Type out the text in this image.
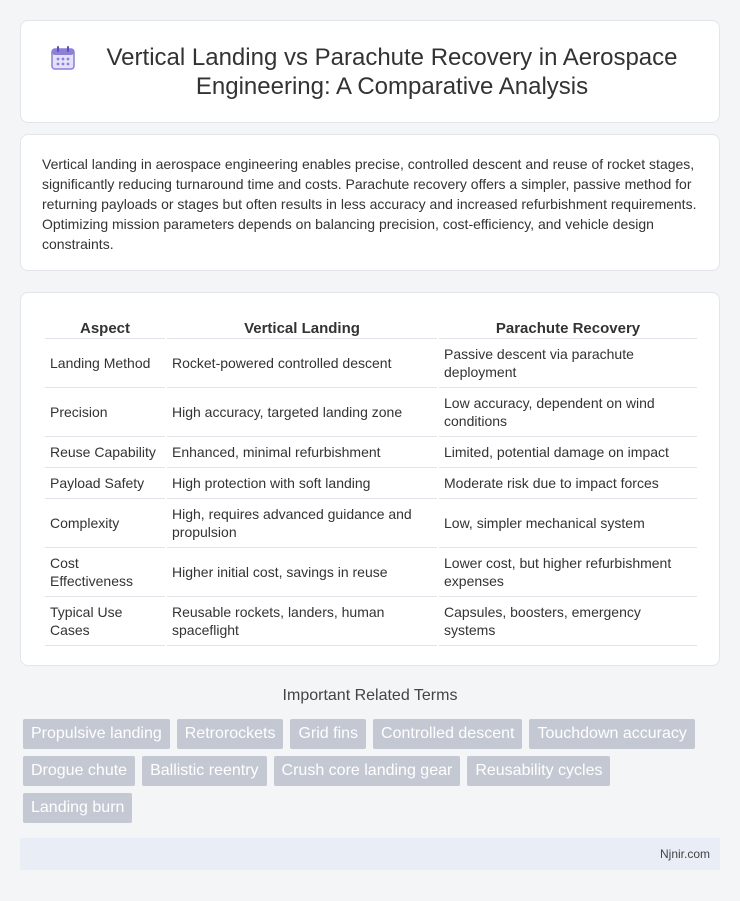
Vertical Landing vs Parachute Recovery in Aerospace Engineering: A Comparative Analysis

Vertical landing in aerospace engineering enables precise, controlled descent and reuse of rocket stages, significantly reducing turnaround time and costs. Parachute recovery offers a simpler, passive method for returning payloads or stages but often results in less accuracy and increased refurbishment requirements. Optimizing mission parameters depends on balancing precision, cost-efficiency, and vehicle design constraints.

Aspect	Vertical Landing	Parachute Recovery
Landing Method	Rocket-powered controlled descent	Passive descent via parachute deployment
Precision	High accuracy, targeted landing zone	Low accuracy, dependent on wind conditions
Reuse Capability	Enhanced, minimal refurbishment	Limited, potential damage on impact
Payload Safety	High protection with soft landing	Moderate risk due to impact forces
Complexity	High, requires advanced guidance and propulsion	Low, simpler mechanical system
Cost Effectiveness	Higher initial cost, savings in reuse	Lower cost, but higher refurbishment expenses
Typical Use Cases	Reusable rockets, landers, human spaceflight	Capsules, boosters, emergency systems
Important Related Terms
Propulsive landing	Retrorockets	Grid fins	Controlled descent	Touchdown accuracy
Drogue chute	Ballistic reentry	Crush core landing gear	Reusability cycles
Landing burn
Njnir.com
